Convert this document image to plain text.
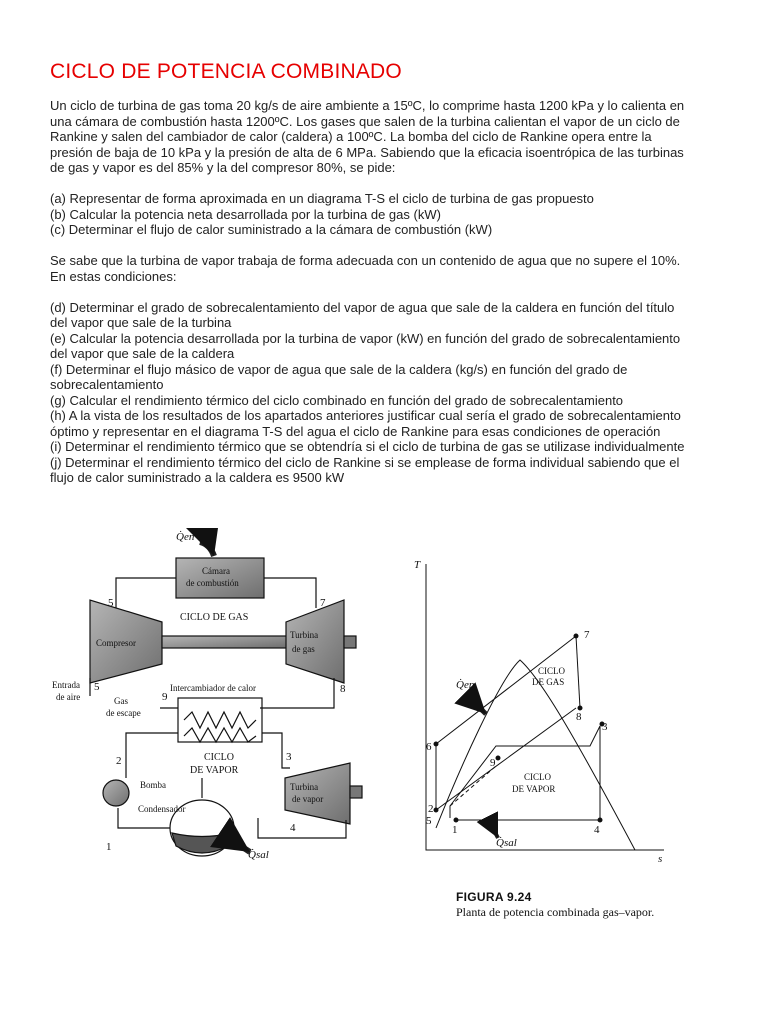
CICLO DE POTENCIA COMBINADO

Un ciclo de turbina de gas toma 20 kg/s de aire ambiente a 15ºC, lo comprime hasta 1200 kPa y lo calienta en

una cámara de combustión hasta 1200ºC. Los gases que salen de la turbina calientan el vapor de un ciclo de

Rankine y salen del cambiador de calor (caldera) a 100ºC. La bomba del ciclo de Rankine opera entre la

presión de baja de 10 kPa y la presión de alta de 6 MPa. Sabiendo que la eficacia isoentrópica de las turbinas

de gas y vapor es del 85% y la del compresor 80%, se pide:

(a) Representar de forma aproximada en un diagrama T-S el ciclo de turbina de gas propuesto

(b) Calcular la potencia neta desarrollada por la turbina de gas (kW)

(c) Determinar el flujo de calor suministrado a la cámara de combustión (kW)

Se sabe que la turbina de vapor trabaja de forma adecuada con un contenido de agua que no supere el 10%.

En estas condiciones:

(d) Determinar el grado de sobrecalentamiento del vapor de agua que sale de la caldera en función del título

del vapor que sale de la turbina

(e) Calcular la potencia desarrollada por la turbina de vapor (kW) en función del grado de sobrecalentamiento

del vapor que sale de la caldera

(f) Determinar el flujo másico de vapor de agua que sale de la caldera (kg/s) en función del grado de

sobrecalentamiento

(g) Calcular el rendimiento térmico del ciclo combinado en función del grado de sobrecalentamiento

(h) A la vista de los resultados de los apartados anteriores justificar cual sería el grado de sobrecalentamiento

óptimo y representar en el diagrama T-S del agua el ciclo de Rankine para esas condiciones de operación

(i) Determinar el rendimiento térmico que se obtendría si el ciclo de turbina de gas se utilizase individualmente

(j) Determinar el rendimiento térmico del ciclo de Rankine si se emplease de forma individual sabiendo que el

flujo de calor suministrado a la caldera es 9500 kW

Q̇en
Cámara
de combustión
CICLO DE GAS
Compresor
Turbina
de gas
Entrada
de aire	Gas
de escape
Intercambiador de calor
CICLO
DE VAPOR
Bomba
Condensador
Turbina
de vapor
Q̇sal
5	7
5
9
8
2	3
4
1
T
s
CICLO
DE GAS
CICLO
DE VAPOR
Q̇en
Q̇sal
7
8
3
6
9
2
5
1	4
FIGURA 9.24
Planta de potencia combinada gas–vapor.
